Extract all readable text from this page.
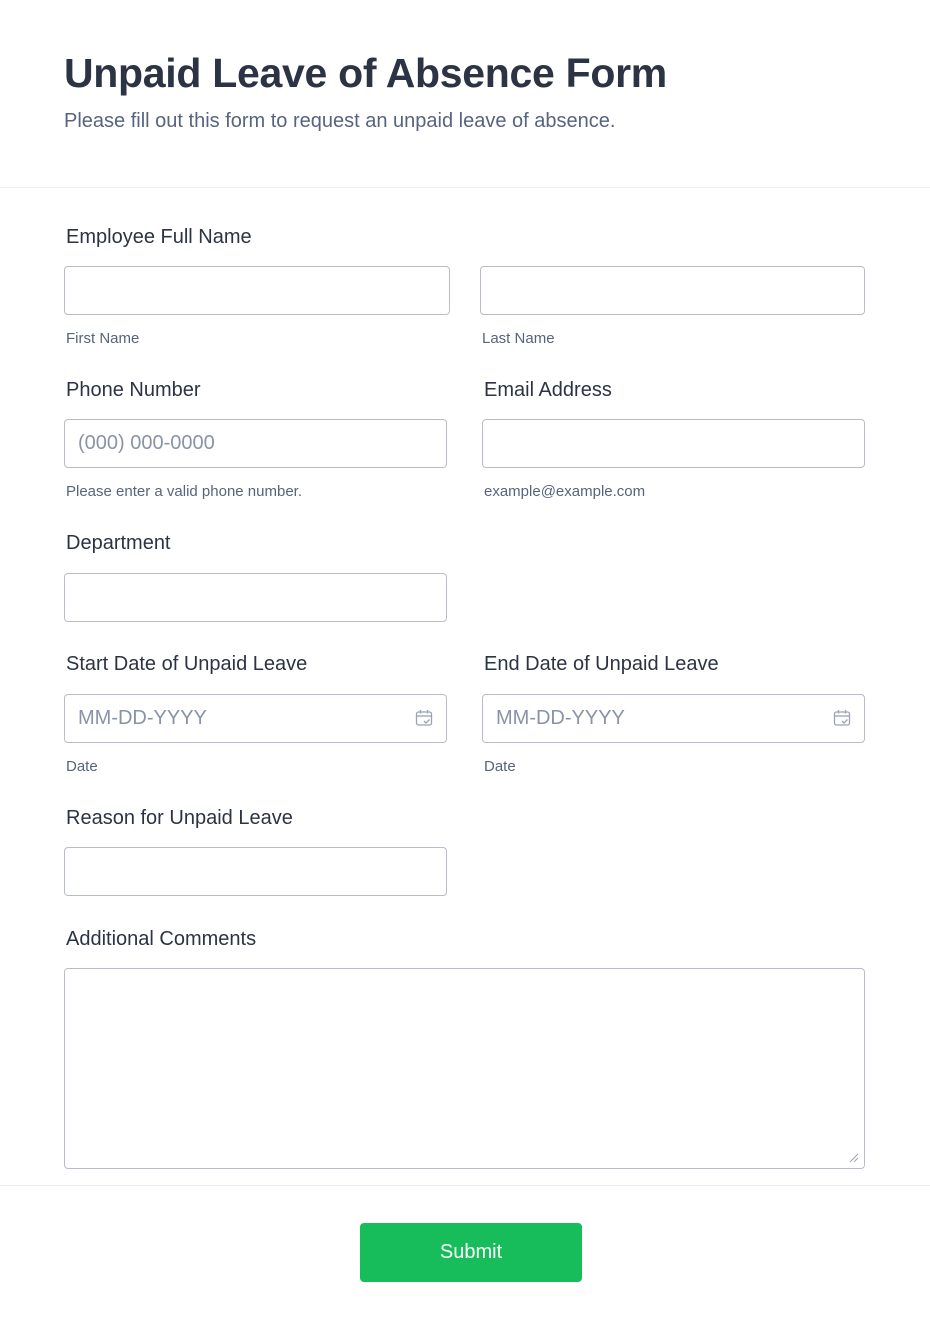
Unpaid Leave of Absence Form

Please fill out this form to request an unpaid leave of absence.

Employee Full Name
First Name	Last Name
Phone Number
(000) 000-0000
Please enter a valid phone number.
Email Address
example@example.com
Department
Start Date of Unpaid Leave
MM-DD-YYYY
Date
End Date of Unpaid Leave
MM-DD-YYYY
Date
Reason for Unpaid Leave
Additional Comments
Submit
